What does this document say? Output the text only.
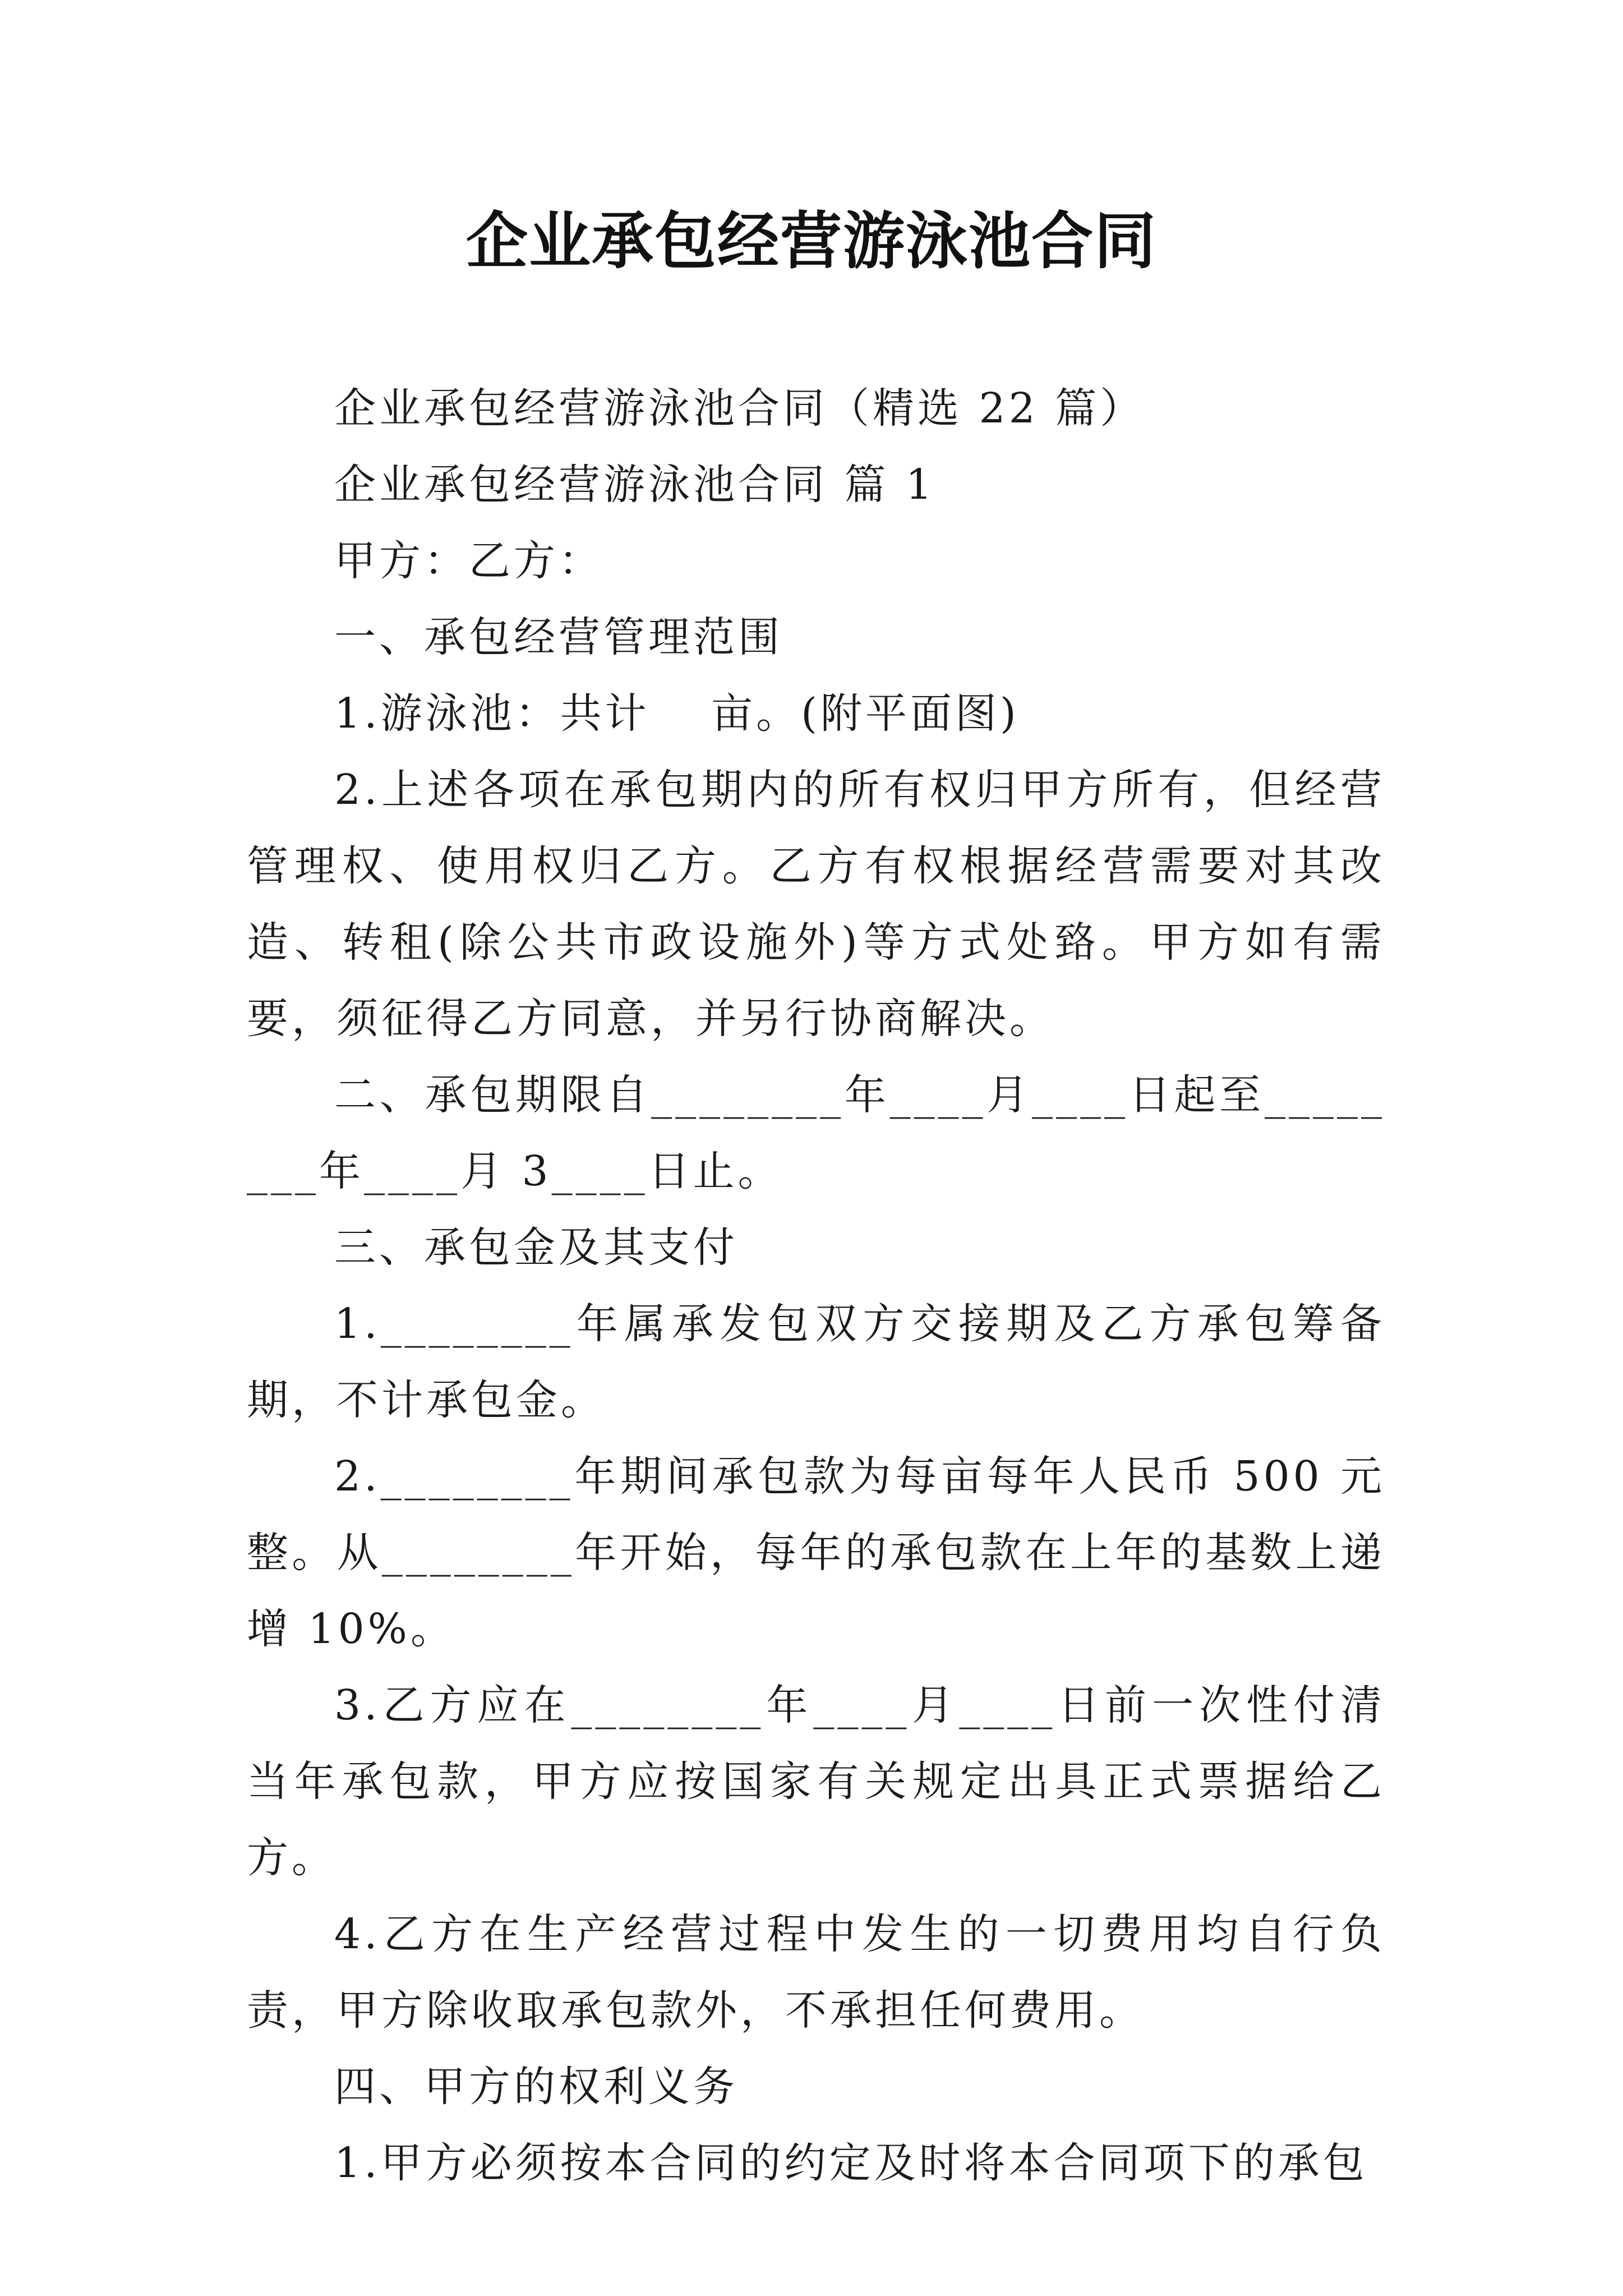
企业承包经营游泳池合同

企业承包经营游泳池合同（精选 22 篇）

企业承包经营游泳池合同 篇 1

甲方：乙方：

一、承包经营管理范围

1.游泳池：共计　 亩。(附平面图)

2.上述各项在承包期内的所有权归甲方所有，但经营管理权、使用权归乙方。乙方有权根据经营需要对其改造、转租(除公共市政设施外)等方式处臵。甲方如有需要，须征得乙方同意，并另行协商解决。

二、承包期限自________年____月____日起至________年____月 3____日止。

三、承包金及其支付

1.________年属承发包双方交接期及乙方承包筹备期，不计承包金。

2.________年期间承包款为每亩每年人民币 500 元整。从________年开始，每年的承包款在上年的基数上递增 10%。

3.乙方应在________年____月____日前一次性付清当年承包款，甲方应按国家有关规定出具正式票据给乙方。

4.乙方在生产经营过程中发生的一切费用均自行负责，甲方除收取承包款外，不承担任何费用。

四、甲方的权利义务

1.甲方必须按本合同的约定及时将本合同项下的承包
